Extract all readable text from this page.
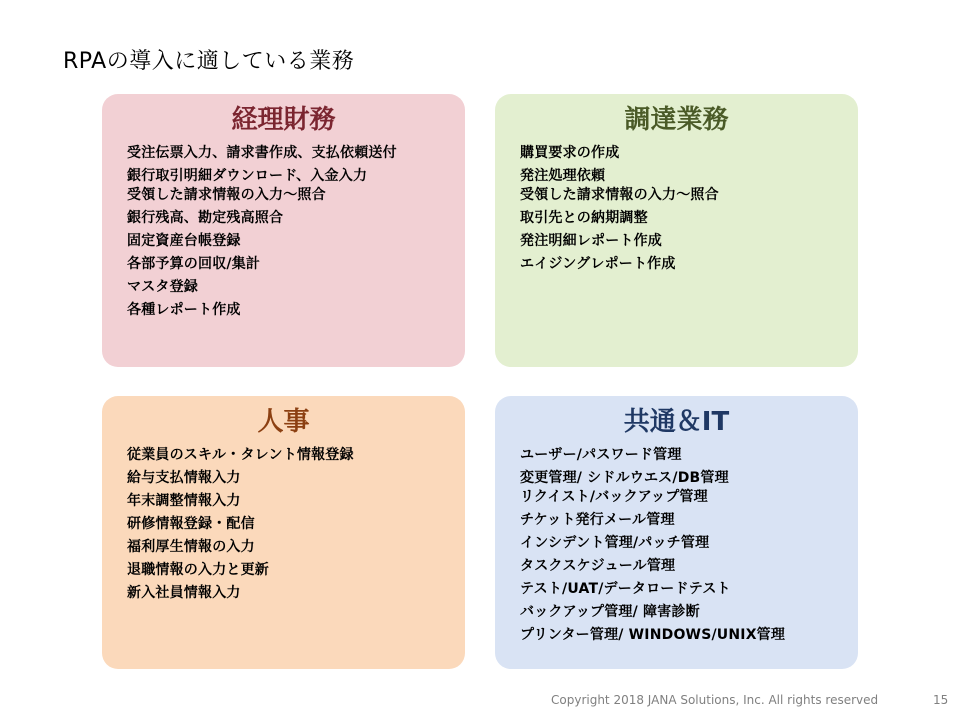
RPAの導入に適している業務
経理財務
受注伝票入力、請求書作成、支払依頼送付
銀行取引明細ダウンロード、入金入力
受領した請求情報の入力～照合
銀行残高、勘定残高照合
固定資産台帳登録
各部予算の回収/集計
マスタ登録
各種レポート作成
調達業務
購買要求の作成
発注処理依頼
受領した請求情報の入力～照合
取引先との納期調整
発注明細レポート作成
エイジングレポート作成
人事
従業員のスキル・タレント情報登録
給与支払情報入力
年末調整情報入力
研修情報登録・配信
福利厚生情報の入力
退職情報の入力と更新
新入社員情報入力
共通＆IT
ユーザー/パスワード管理
変更管理/ シドルウエス/DB管理
リクイスト/バックアップ管理
チケット発行メール管理
インシデント管理/パッチ管理
タスクスケジュール管理
テスト/UAT/データロードテスト
バックアップ管理/ 障害診断
プリンター管理/ WINDOWS/UNIX管理
Copyright 2018 JANA Solutions, Inc. All rights reserved	15
